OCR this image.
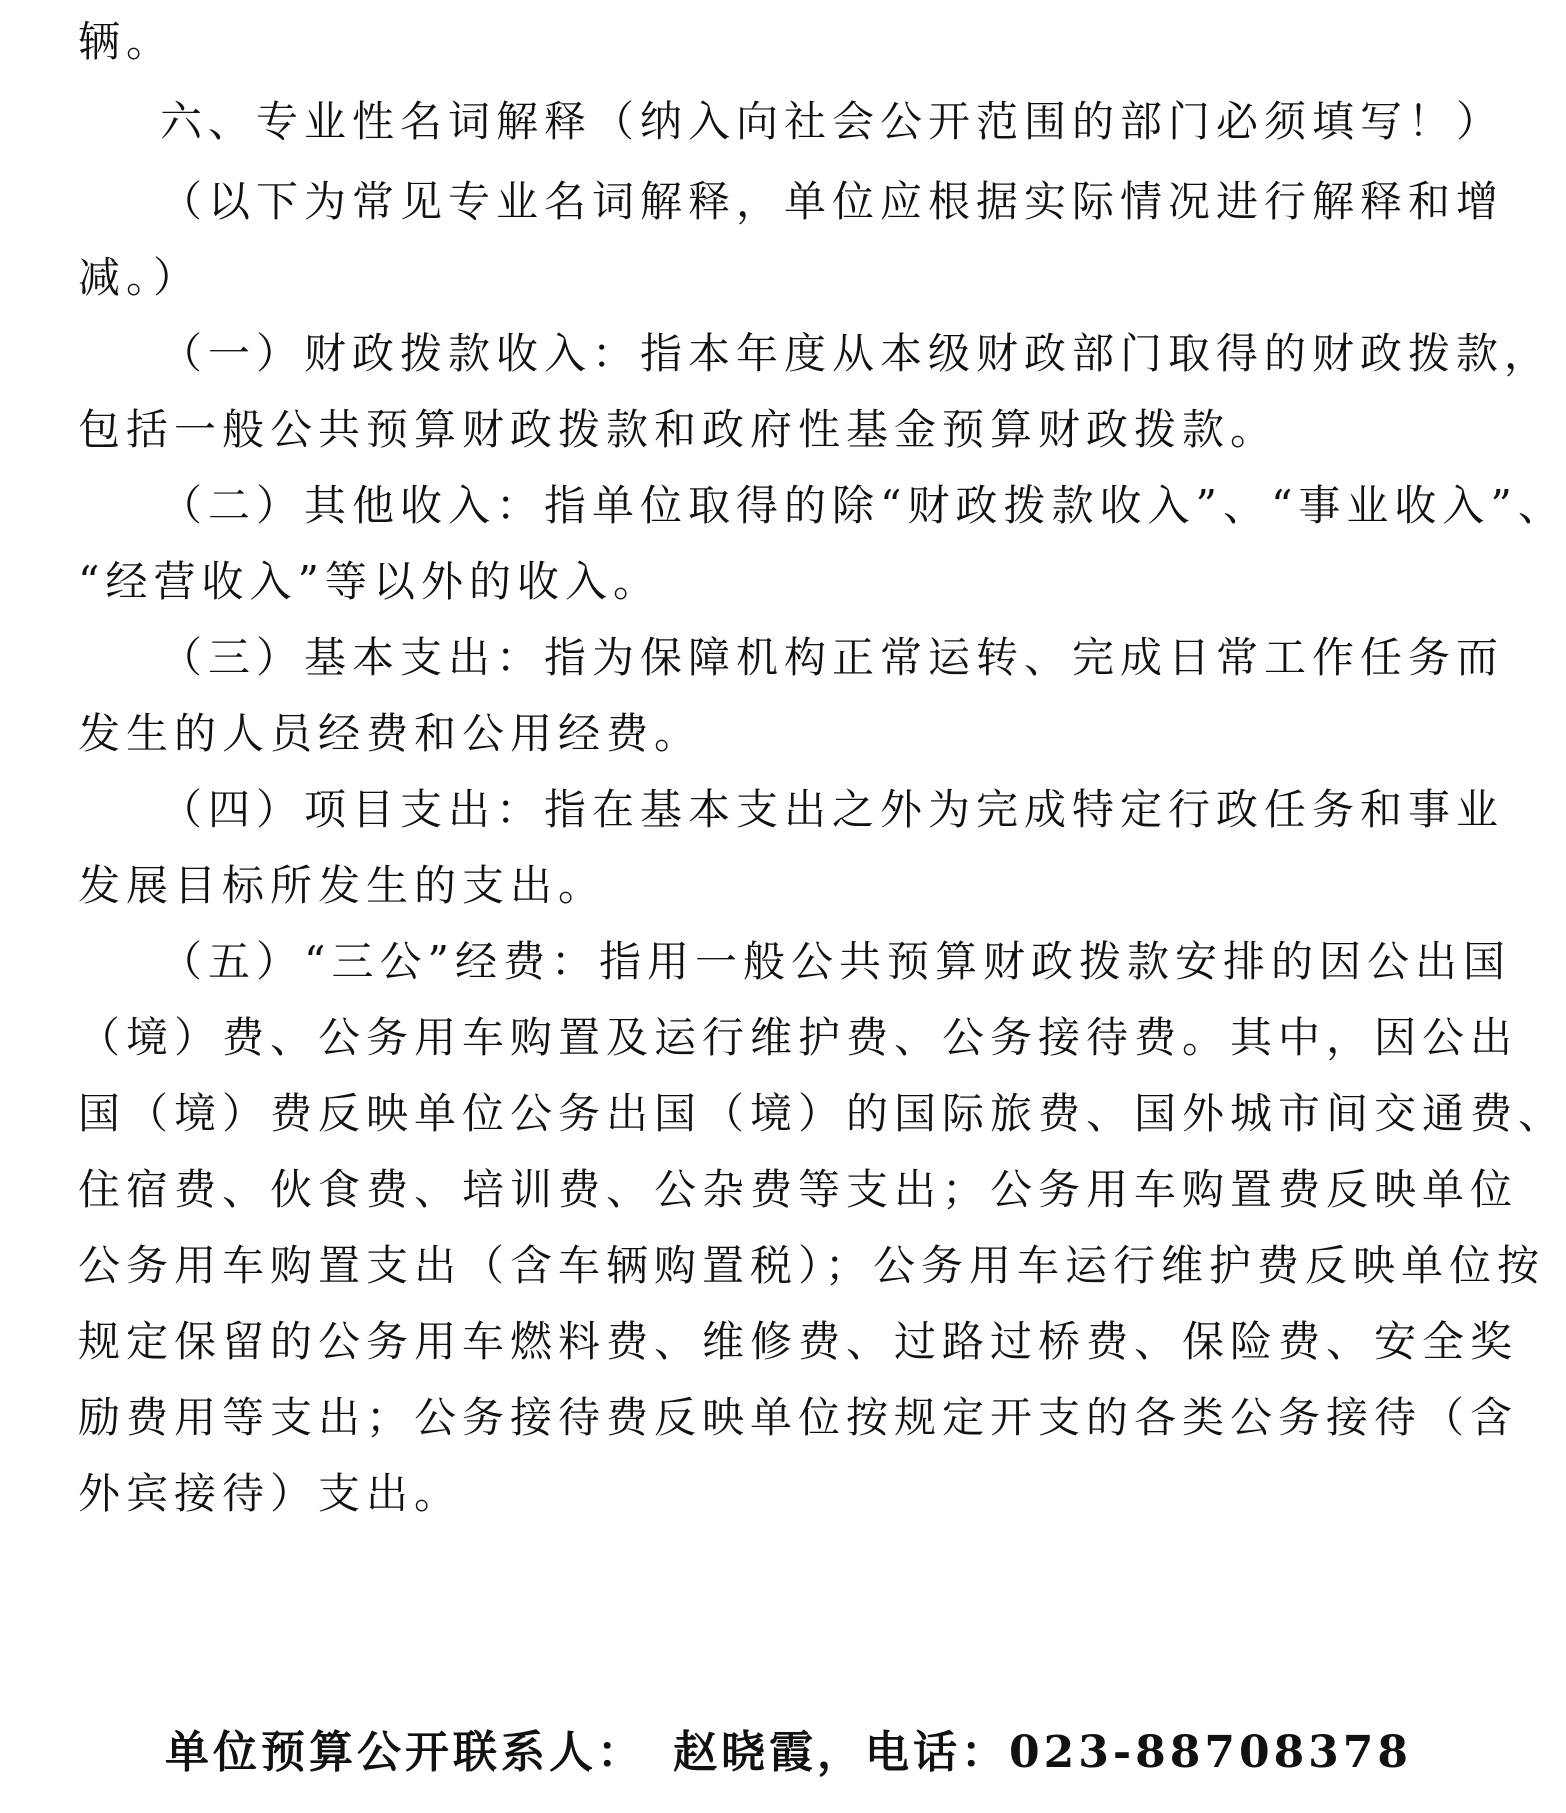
辆。
六、专业性名词解释（纳入向社会公开范围的部门必须填写！）
（以下为常见专业名词解释，单位应根据实际情况进行解释和增
减。）
（一）财政拨款收入：指本年度从本级财政部门取得的财政拨款，
包括一般公共预算财政拨款和政府性基金预算财政拨款。
（二）其他收入：指单位取得的除“财政拨款收入”、“事业收入”、
“经营收入”等以外的收入。
（三）基本支出：指为保障机构正常运转、完成日常工作任务而
发生的人员经费和公用经费。
（四）项目支出：指在基本支出之外为完成特定行政任务和事业
发展目标所发生的支出。
（五）“三公”经费：指用一般公共预算财政拨款安排的因公出国
（境）费、公务用车购置及运行维护费、公务接待费。其中，因公出
国（境）费反映单位公务出国（境）的国际旅费、国外城市间交通费、
住宿费、伙食费、培训费、公杂费等支出；公务用车购置费反映单位
公务用车购置支出（含车辆购置税）；公务用车运行维护费反映单位按
规定保留的公务用车燃料费、维修费、过路过桥费、保险费、安全奖
励费用等支出；公务接待费反映单位按规定开支的各类公务接待（含
外宾接待）支出。
单位预算公开联系人： 赵晓霞，电话：023-88708378
